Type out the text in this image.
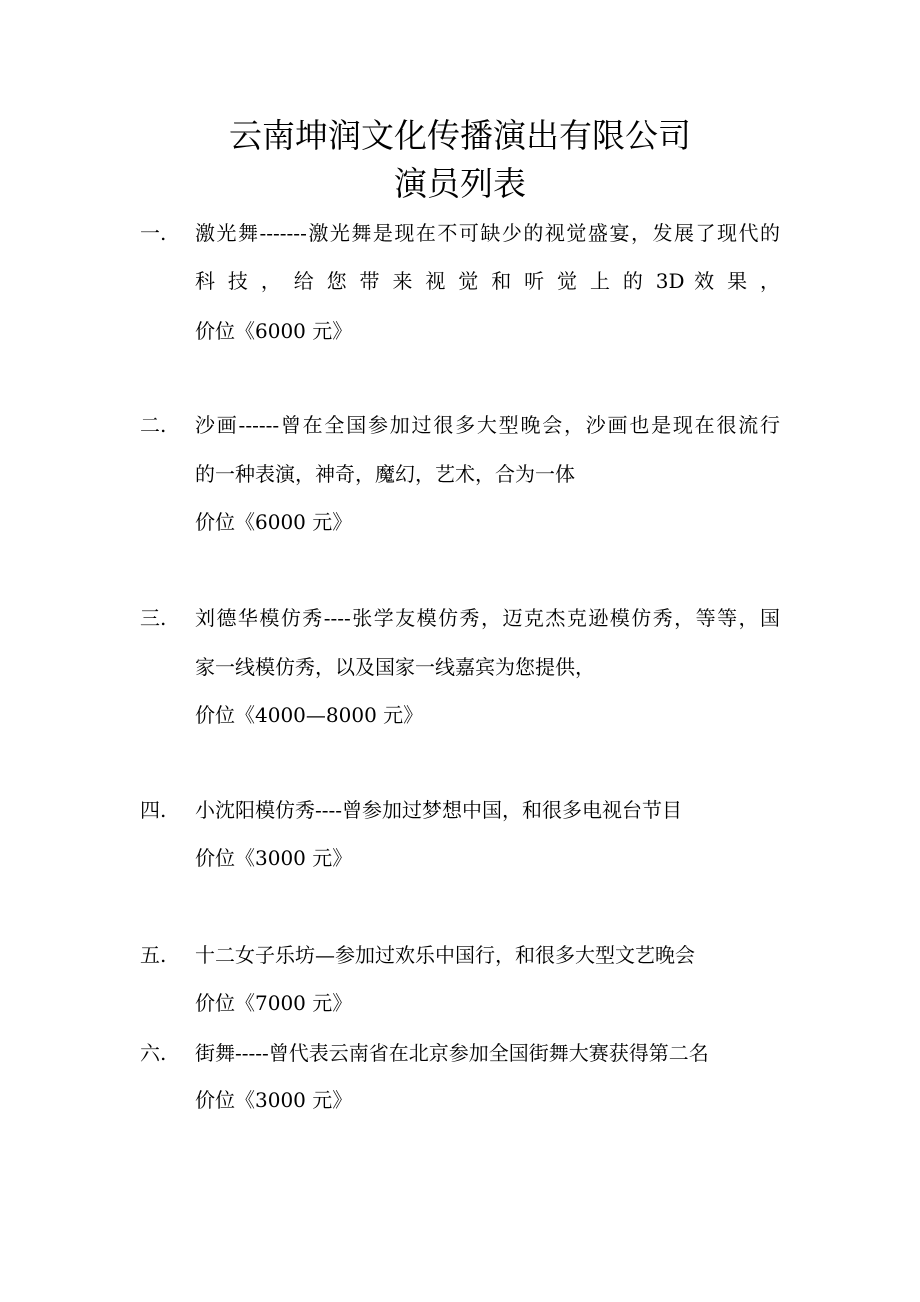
云南坤润文化传播演出有限公司
演员列表
一. 激光舞-------激光舞是现在不可缺少的视觉盛宴，发展了现代的
科 技 ， 给 您 带 来 视 觉 和 听 觉 上 的 3D 效 果 ，
价位《6000 元》
二. 沙画------曾在全国参加过很多大型晚会，沙画也是现在很流行
的一种表演，神奇，魔幻，艺术，合为一体
价位《6000 元》
三. 刘德华模仿秀----张学友模仿秀，迈克杰克逊模仿秀，等等，国
家一线模仿秀，以及国家一线嘉宾为您提供，
价位《4000—8000 元》
四. 小沈阳模仿秀----曾参加过梦想中国，和很多电视台节目
价位《3000 元》
五. 十二女子乐坊—参加过欢乐中国行，和很多大型文艺晚会
价位《7000 元》
六. 街舞-----曾代表云南省在北京参加全国街舞大赛获得第二名
价位《3000 元》
